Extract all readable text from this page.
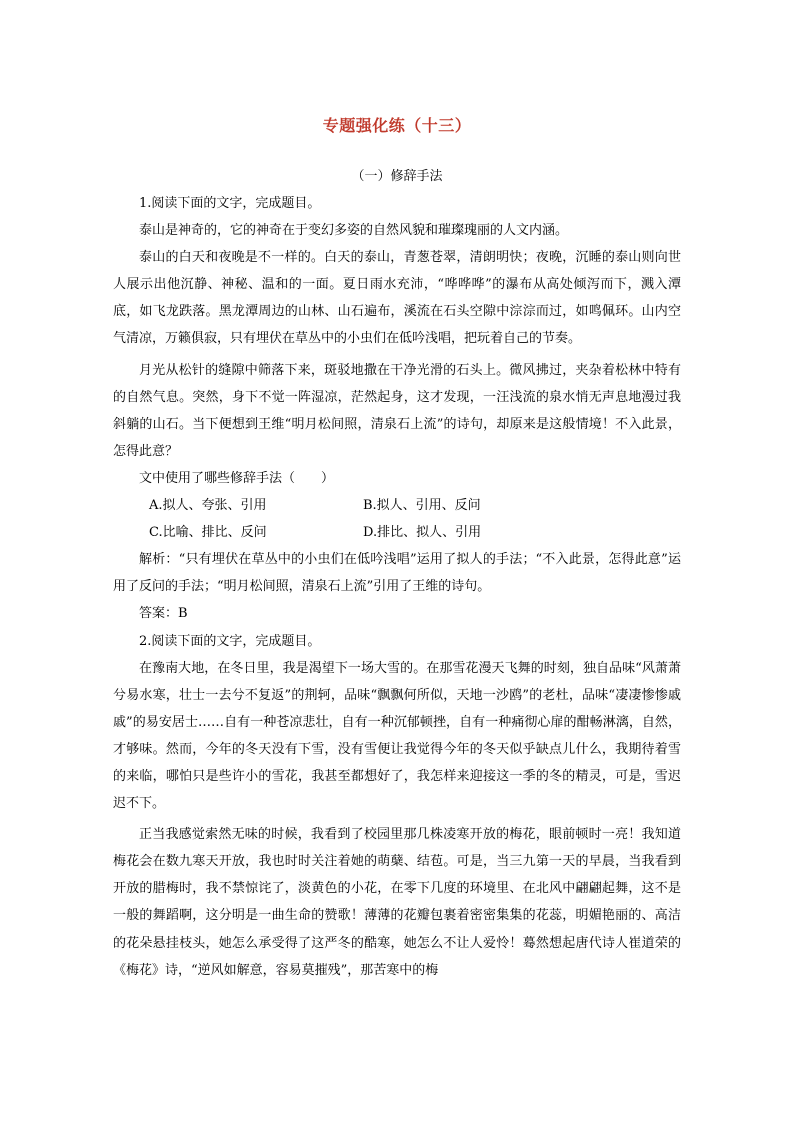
专题强化练（十三）
（一）修辞手法

1.阅读下面的文字，完成题目。

泰山是神奇的，它的神奇在于变幻多姿的自然风貌和璀璨瑰丽的人文内涵。

泰山的白天和夜晚是不一样的。白天的泰山，青葱苍翠，清朗明快；夜晚，沉睡的泰山则向世人展示出他沉静、神秘、温和的一面。夏日雨水充沛，“哗哗哗”的瀑布从高处倾泻而下，溅入潭底，如飞龙跌落。黑龙潭周边的山林、山石遍布，溪流在石头空隙中淙淙而过，如鸣佩环。山内空气清凉，万籁俱寂，只有埋伏在草丛中的小虫们在低吟浅唱，把玩着自己的节奏。

月光从松针的缝隙中筛落下来，斑驳地撒在干净光滑的石头上。微风拂过，夹杂着松林中特有的自然气息。突然，身下不觉一阵湿凉，茫然起身，这才发现，一汪浅流的泉水悄无声息地漫过我斜躺的山石。当下便想到王维“明月松间照，清泉石上流”的诗句，却原来是这般情境！不入此景，怎得此意？

文中使用了哪些修辞手法（　　）

A.拟人、夸张、引用	B.拟人、引用、反问
C.比喻、排比、反问	D.排比、拟人、引用

解析：“只有埋伏在草丛中的小虫们在低吟浅唱”运用了拟人的手法；“不入此景，怎得此意”运用了反问的手法；“明月松间照，清泉石上流”引用了王维的诗句。

答案：B

2.阅读下面的文字，完成题目。

在豫南大地，在冬日里，我是渴望下一场大雪的。在那雪花漫天飞舞的时刻，独自品味“风萧萧兮易水寒，壮士一去兮不复返”的荆轲，品味“飘飘何所似，天地一沙鸥”的老杜，品味“凄凄惨惨戚戚”的易安居士……自有一种苍凉悲壮，自有一种沉郁顿挫，自有一种痛彻心扉的酣畅淋漓，自然，才够味。然而，今年的冬天没有下雪，没有雪便让我觉得今年的冬天似乎缺点儿什么，我期待着雪的来临，哪怕只是些许小的雪花，我甚至都想好了，我怎样来迎接这一季的冬的精灵，可是，雪迟迟不下。

正当我感觉索然无味的时候，我看到了校园里那几株凌寒开放的梅花，眼前顿时一亮！我知道梅花会在数九寒天开放，我也时时关注着她的萌蘖、结苞。可是，当三九第一天的早晨，当我看到开放的腊梅时，我不禁惊诧了，淡黄色的小花，在零下几度的环境里、在北风中翩翩起舞，这不是一般的舞蹈啊，这分明是一曲生命的赞歌！薄薄的花瓣包裹着密密集集的花蕊，明媚艳丽的、高洁的花朵悬挂枝头，她怎么承受得了这严冬的酷寒，她怎么不让人爱怜！蓦然想起唐代诗人崔道荣的《梅花》诗，“逆风如解意，容易莫摧残”，那苦寒中的梅
